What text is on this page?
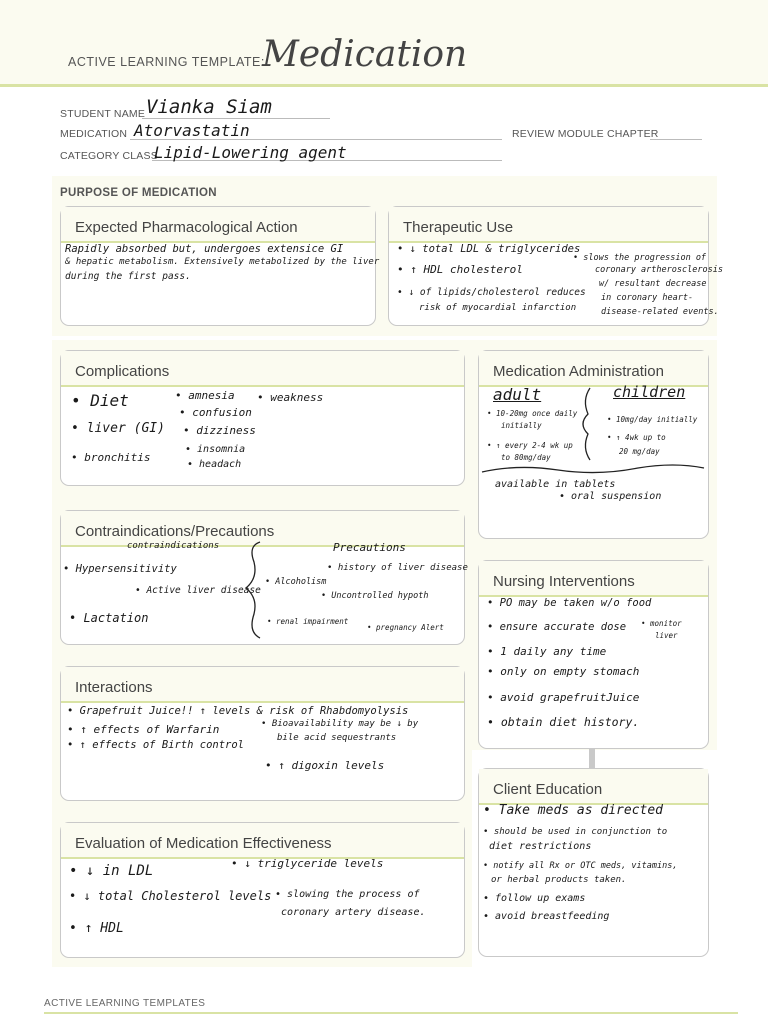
ACTIVE LEARNING TEMPLATE:
Medication
STUDENT NAME Vianka Siam
MEDICATION Atorvastatin	REVIEW MODULE CHAPTER
CATEGORY CLASS
Lipid-Lowering agent
PURPOSE OF MEDICATION
Expected Pharmacological Action
Rapidly absorbed but, undergoes extensice GI
& hepatic metabolism. Extensively metabolized by the liver
during the first pass.
Therapeutic Use
• ↓ total LDL & triglycerides
• ↑ HDL cholesterol
• ↓ of lipids/cholesterol reduces
risk of myocardial infarction
• slows the progression of
coronary artherosclerosis
w/ resultant decrease
in coronary heart-
disease-related events.
Complications
• Diet
• liver (GI)
• bronchitis
• amnesia
• confusion
• dizziness
• insomnia
• headach
• weakness
Medication Administration
adult
• 10-20mg once daily
initially
• ↑ every 2-4 wk up
to 80mg/day
children
• 10mg/day initially
• ↑ 4wk up to
20 mg/day
available in tablets
• oral suspension
Contraindications/Precautions
contraindications
• Hypersensitivity
• Active liver disease
• Lactation
Precautions
• history of liver disease
• Alcoholism
• Uncontrolled hypoth
• renal impairment
• pregnancy Alert
Nursing Interventions
• PO may be taken w/o food
• ensure accurate dose
• 1 daily any time
• only on empty stomach
• avoid grapefruitJuice
• obtain diet history.
• monitor
liver
Interactions
• Grapefruit Juice!! ↑ levels & risk of Rhabdomyolysis
• ↑ effects of Warfarin
• ↑ effects of Birth control
• Bioavailability may be ↓ by
bile acid sequestrants
• ↑ digoxin levels
Client Education
• Take meds as directed
• should be used in conjunction to
diet restrictions
• notify all Rx or OTC meds, vitamins,
or herbal products taken.
• follow up exams
• avoid breastfeeding
Evaluation of Medication Effectiveness
• ↓ in LDL
• ↓ total Cholesterol levels
• ↑ HDL
• ↓ triglyceride levels
• slowing the process of
coronary artery disease.
ACTIVE LEARNING TEMPLATES
